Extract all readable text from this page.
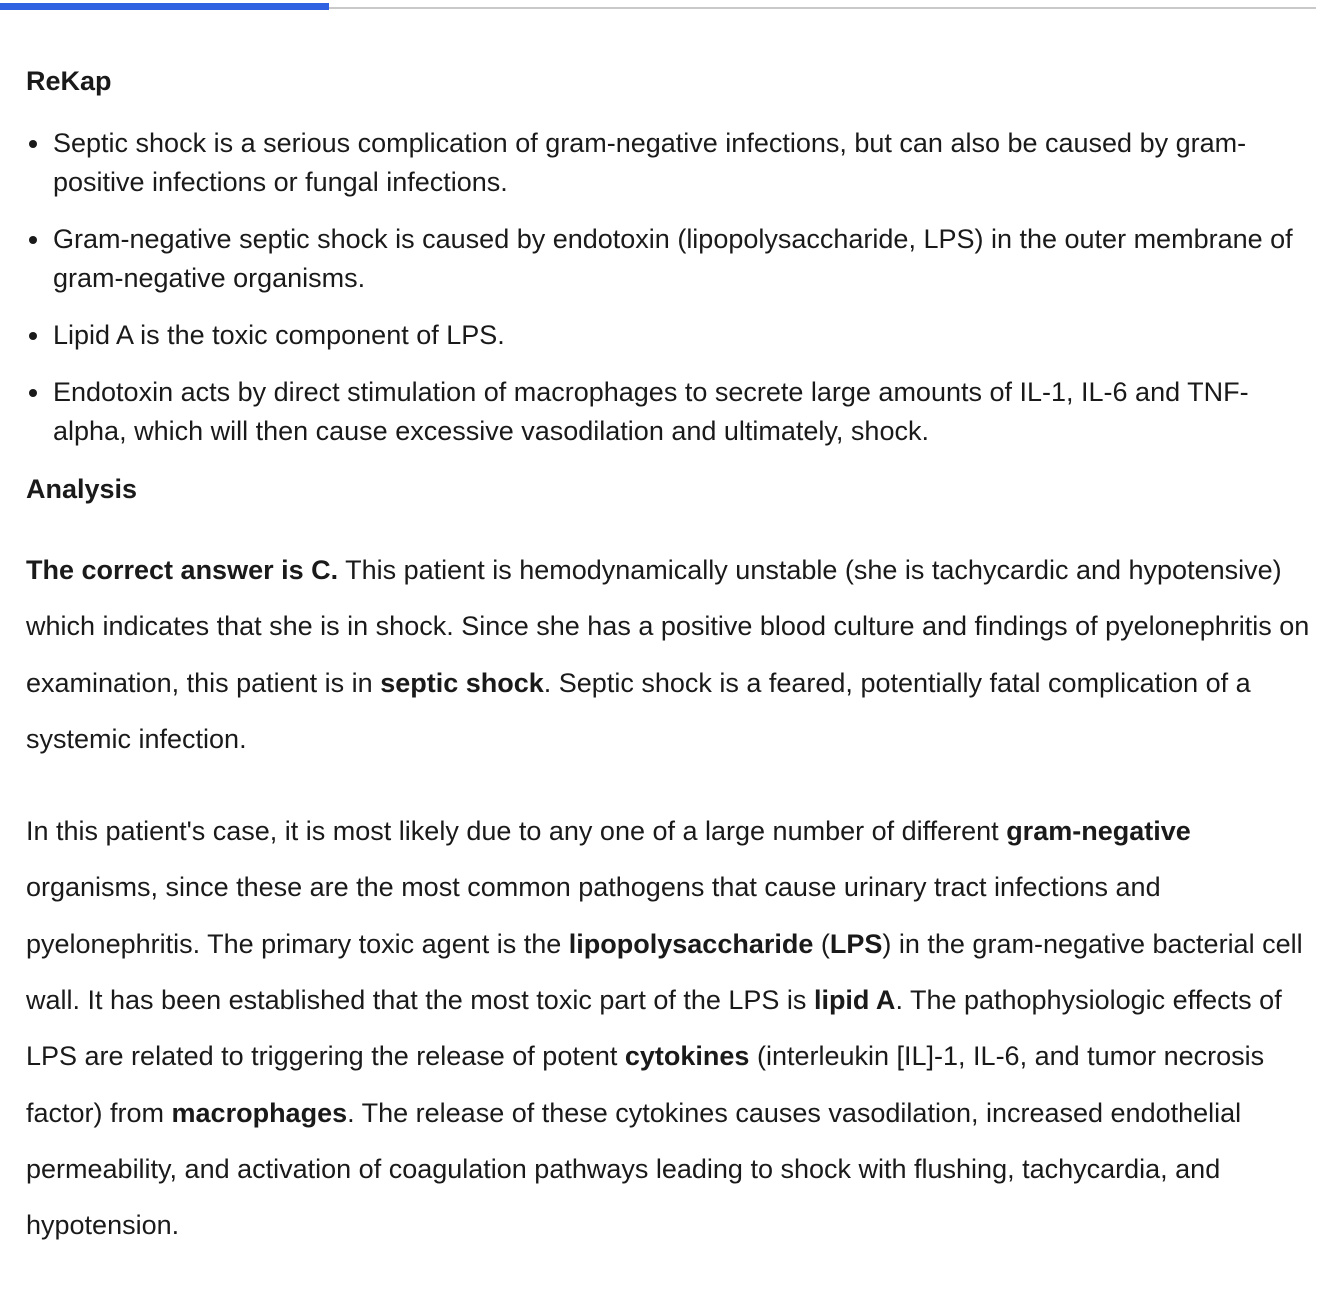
ReKap
Septic shock is a serious complication of gram-negative infections, but can also be caused by gram-positive infections or fungal infections.
Gram-negative septic shock is caused by endotoxin (lipopolysaccharide, LPS) in the outer membrane of gram-negative organisms.
Lipid A is the toxic component of LPS.
Endotoxin acts by direct stimulation of macrophages to secrete large amounts of IL-1, IL-6 and TNF-alpha, which will then cause excessive vasodilation and ultimately, shock.
Analysis

The correct answer is C. This patient is hemodynamically unstable (she is tachycardic and hypotensive) which indicates that she is in shock. Since she has a positive blood culture and findings of pyelonephritis on examination, this patient is in septic shock. Septic shock is a feared, potentially fatal complication of a systemic infection.

In this patient's case, it is most likely due to any one of a large number of different gram-negative organisms, since these are the most common pathogens that cause urinary tract infections and pyelonephritis. The primary toxic agent is the lipopolysaccharide (LPS) in the gram-negative bacterial cell wall. It has been established that the most toxic part of the LPS is lipid A. The pathophysiologic effects of LPS are related to triggering the release of potent cytokines (interleukin [IL]-1, IL-6, and tumor necrosis factor) from macrophages. The release of these cytokines causes vasodilation, increased endothelial permeability, and activation of coagulation pathways leading to shock with flushing, tachycardia, and hypotension.
